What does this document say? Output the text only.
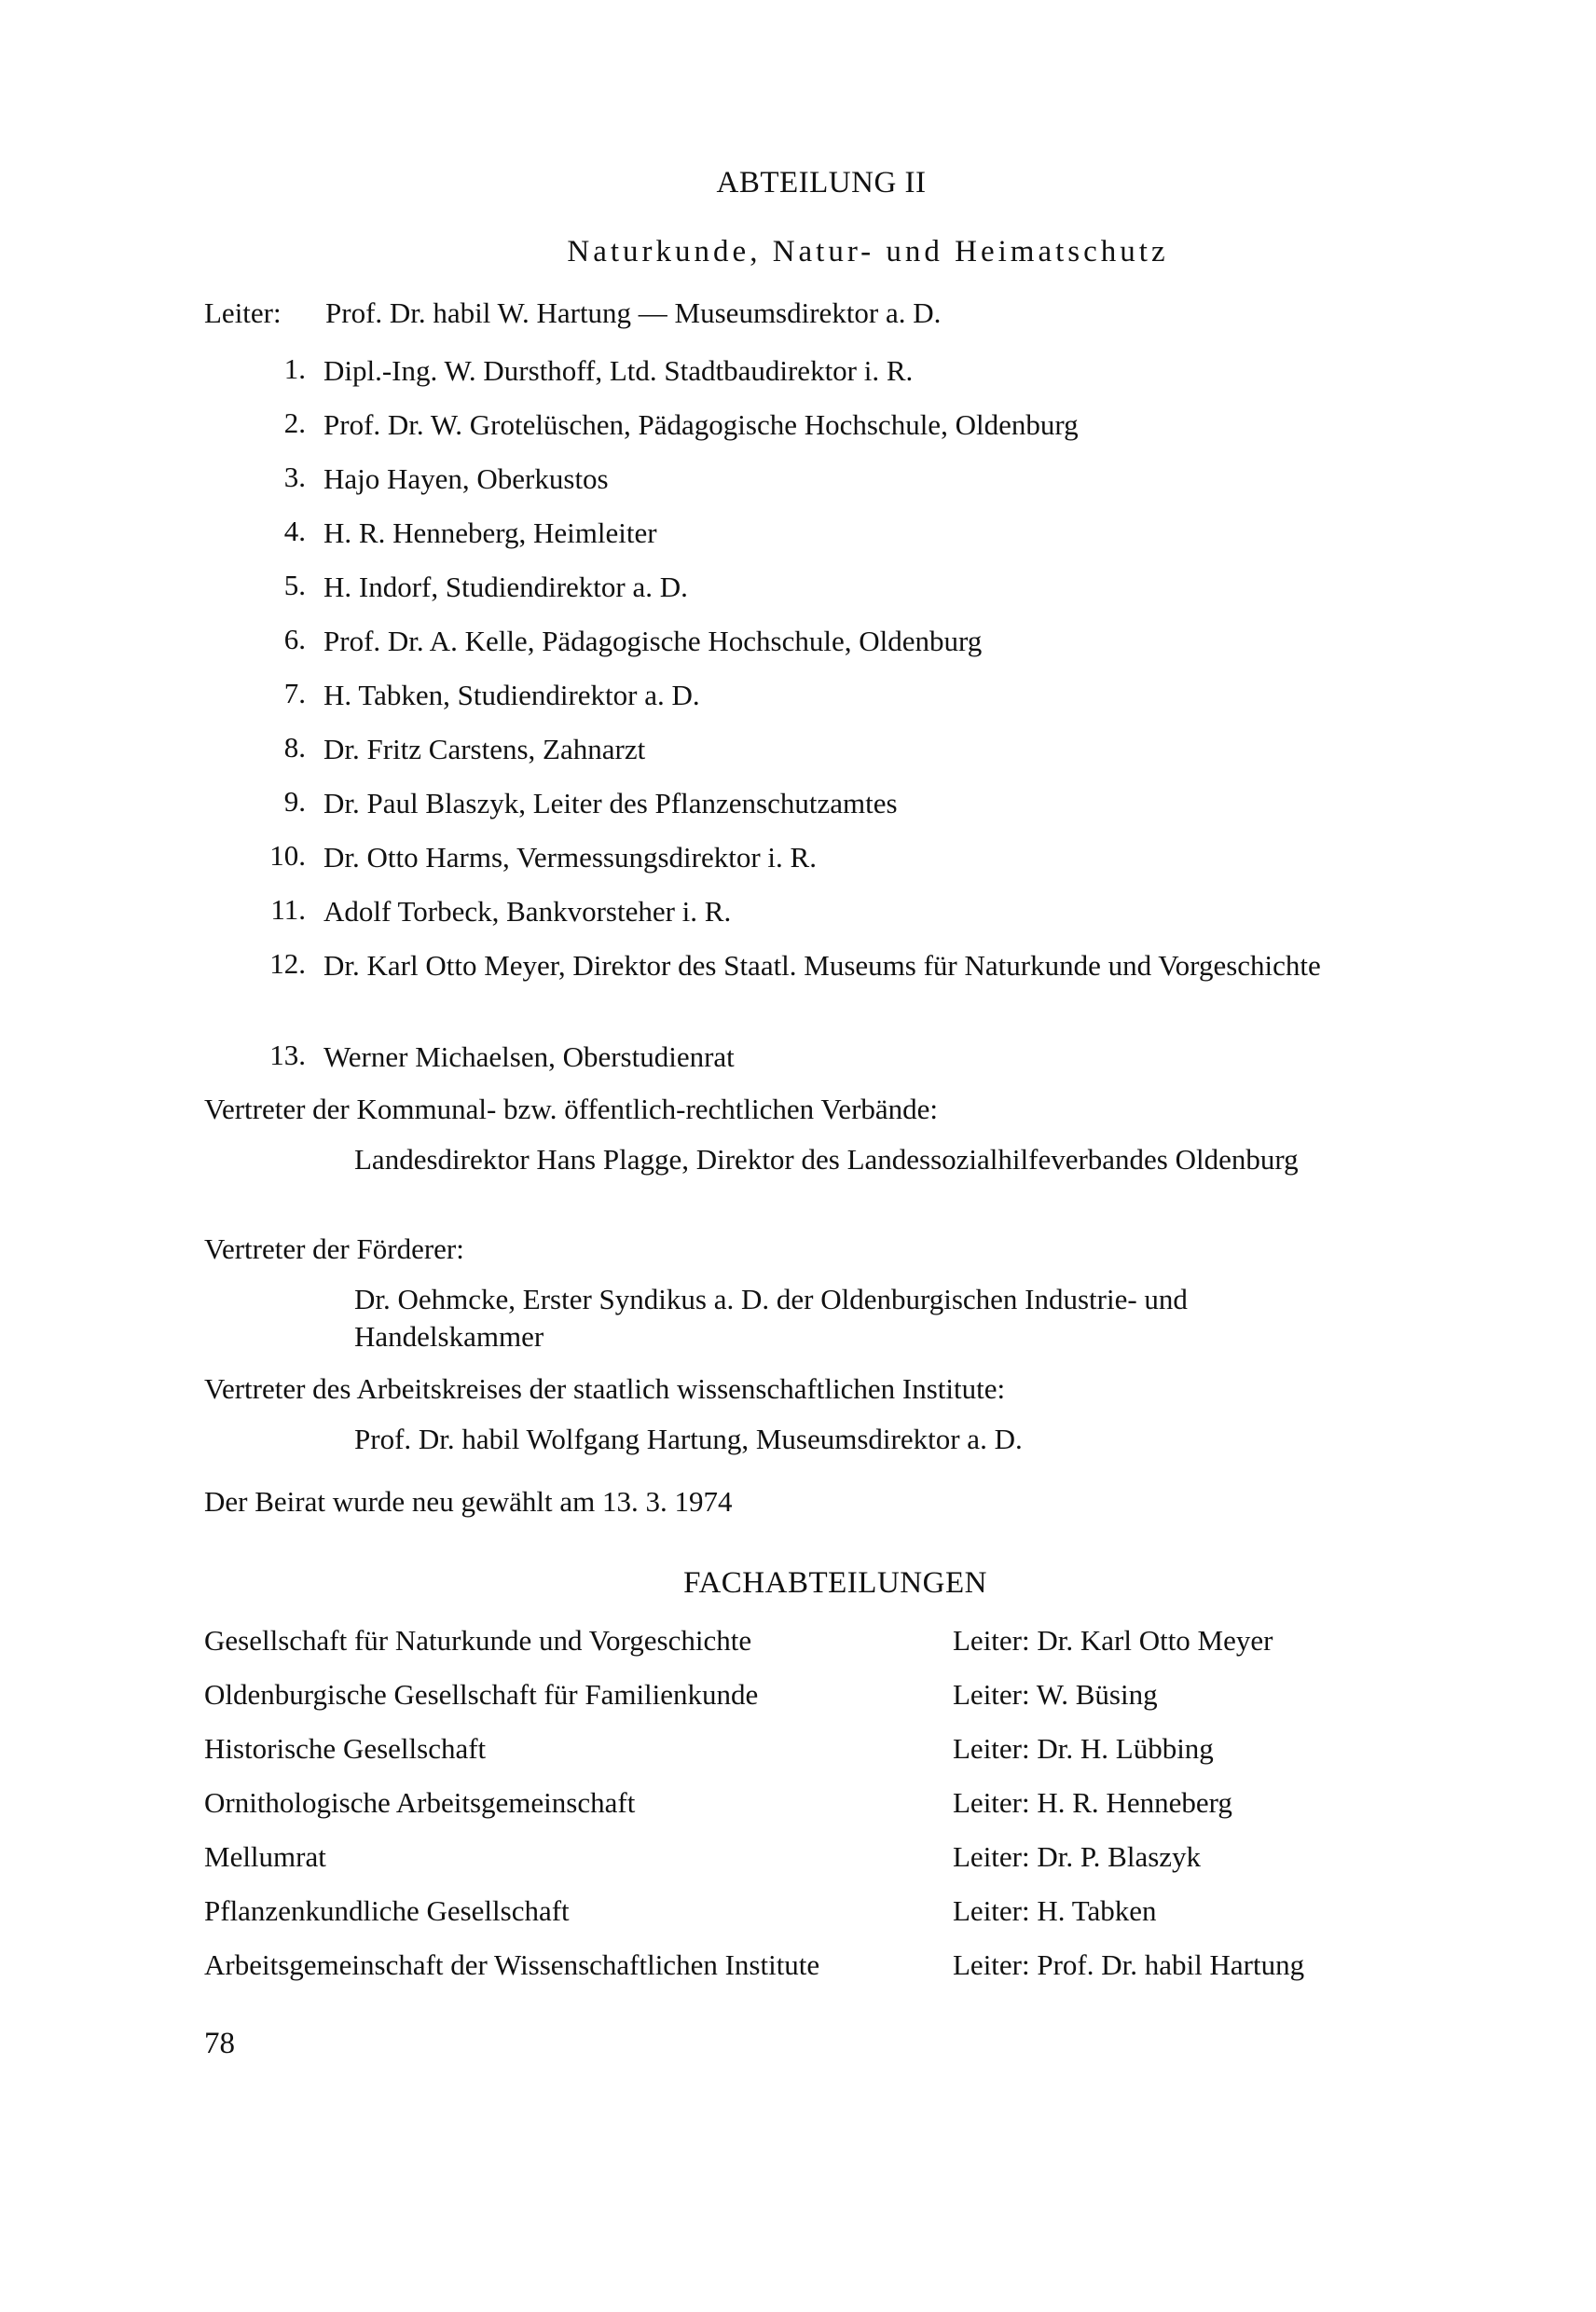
ABTEILUNG II
Naturkunde, Natur- und Heimatschutz
Leiter: Prof. Dr. habil W. Hartung — Museumsdirektor a. D.
1. Dipl.-Ing. W. Dursthoff, Ltd. Stadtbaudirektor i. R.
2. Prof. Dr. W. Grotelüschen, Pädagogische Hochschule, Oldenburg
3. Hajo Hayen, Oberkustos
4. H. R. Henneberg, Heimleiter
5. H. Indorf, Studiendirektor a. D.
6. Prof. Dr. A. Kelle, Pädagogische Hochschule, Oldenburg
7. H. Tabken, Studiendirektor a. D.
8. Dr. Fritz Carstens, Zahnarzt
9. Dr. Paul Blaszyk, Leiter des Pflanzenschutzamtes
10. Dr. Otto Harms, Vermessungsdirektor i. R.
11. Adolf Torbeck, Bankvorsteher i. R.
12. Dr. Karl Otto Meyer, Direktor des Staatl. Museums für Naturkunde und Vorgeschichte
13. Werner Michaelsen, Oberstudienrat
Vertreter der Kommunal- bzw. öffentlich-rechtlichen Verbände:
Landesdirektor Hans Plagge, Direktor des Landessozialhilfeverbandes Oldenburg
Vertreter der Förderer:
Dr. Oehmcke, Erster Syndikus a. D. der Oldenburgischen Industrie- und Handelskammer
Vertreter des Arbeitskreises der staatlich wissenschaftlichen Institute:
Prof. Dr. habil Wolfgang Hartung, Museumsdirektor a. D.
Der Beirat wurde neu gewählt am 13. 3. 1974
FACHABTEILUNGEN
Gesellschaft für Naturkunde und Vorgeschichte	Leiter: Dr. Karl Otto Meyer
Oldenburgische Gesellschaft für Familienkunde	Leiter: W. Büsing
Historische Gesellschaft	Leiter: Dr. H. Lübbing
Ornithologische Arbeitsgemeinschaft	Leiter: H. R. Henneberg
Mellumrat	Leiter: Dr. P. Blaszyk
Pflanzenkundliche Gesellschaft	Leiter: H. Tabken
Arbeitsgemeinschaft der Wissenschaftlichen Institute	Leiter: Prof. Dr. habil Hartung
78
